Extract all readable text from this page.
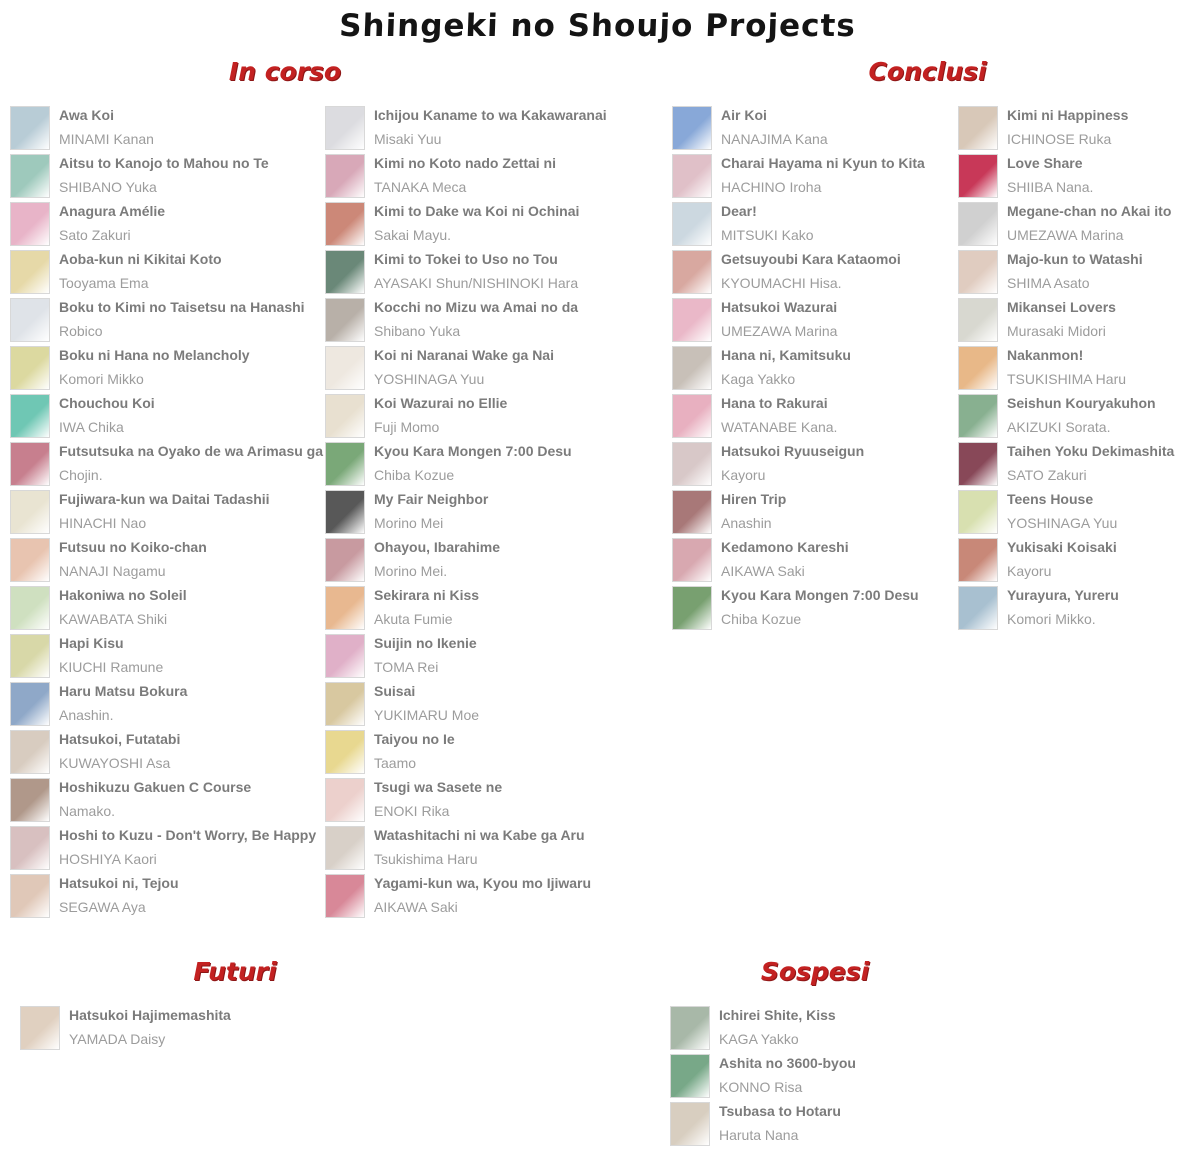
Shingeki no Shoujo Projects
In corso
Awa Koi
MINAMI Kanan
Aitsu to Kanojo to Mahou no Te
SHIBANO Yuka
Anagura Amélie
Sato Zakuri
Aoba-kun ni Kikitai Koto
Tooyama Ema
Boku to Kimi no Taisetsu na Hanashi
Robico
Boku ni Hana no Melancholy
Komori Mikko
Chouchou Koi
IWA Chika
Futsutsuka na Oyako de wa Arimasu ga
Chojin.
Fujiwara-kun wa Daitai Tadashii
HINACHI Nao
Futsuu no Koiko-chan
NANAJI Nagamu
Hakoniwa no Soleil
KAWABATA Shiki
Hapi Kisu
KIUCHI Ramune
Haru Matsu Bokura
Anashin.
Hatsukoi, Futatabi
KUWAYOSHI Asa
Hoshikuzu Gakuen C Course
Namako.
Hoshi to Kuzu - Don't Worry, Be Happy
HOSHIYA Kaori
Hatsukoi ni, Tejou
SEGAWA Aya
Ichijou Kaname to wa Kakawaranai
Misaki Yuu
Kimi no Koto nado Zettai ni
TANAKA Meca
Kimi to Dake wa Koi ni Ochinai
Sakai Mayu.
Kimi to Tokei to Uso no Tou
AYASAKI Shun/NISHINOKI Hara
Kocchi no Mizu wa Amai no da
Shibano Yuka
Koi ni Naranai Wake ga Nai
YOSHINAGA Yuu
Koi Wazurai no Ellie
Fuji Momo
Kyou Kara Mongen 7:00 Desu
Chiba Kozue
My Fair Neighbor
Morino Mei
Ohayou, Ibarahime
Morino Mei.
Sekirara ni Kiss
Akuta Fumie
Suijin no Ikenie
TOMA Rei
Suisai
YUKIMARU Moe
Taiyou no Ie
Taamo
Tsugi wa Sasete ne
ENOKI Rika
Watashitachi ni wa Kabe ga Aru
Tsukishima Haru
Yagami-kun wa, Kyou mo Ijiwaru
AIKAWA Saki
Conclusi
Air Koi
NANAJIMA Kana
Charai Hayama ni Kyun to Kita
HACHINO Iroha
Dear!
MITSUKI Kako
Getsuyoubi Kara Kataomoi
KYOUMACHI Hisa.
Hatsukoi Wazurai
UMEZAWA Marina
Hana ni, Kamitsuku
Kaga Yakko
Hana to Rakurai
WATANABE Kana.
Hatsukoi Ryuuseigun
Kayoru
Hiren Trip
Anashin
Kedamono Kareshi
AIKAWA Saki
Kyou Kara Mongen 7:00 Desu
Chiba Kozue
Kimi ni Happiness
ICHINOSE Ruka
Love Share
SHIIBA Nana.
Megane-chan no Akai ito
UMEZAWA Marina
Majo-kun to Watashi
SHIMA Asato
Mikansei Lovers
Murasaki Midori
Nakanmon!
TSUKISHIMA Haru
Seishun Kouryakuhon
AKIZUKI Sorata.
Taihen Yoku Dekimashita
SATO Zakuri
Teens House
YOSHINAGA Yuu
Yukisaki Koisaki
Kayoru
Yurayura, Yureru
Komori Mikko.
Futuri
Hatsukoi Hajimemashita
YAMADA Daisy
Sospesi
Ichirei Shite, Kiss
KAGA Yakko
Ashita no 3600-byou
KONNO Risa
Tsubasa to Hotaru
Haruta Nana
